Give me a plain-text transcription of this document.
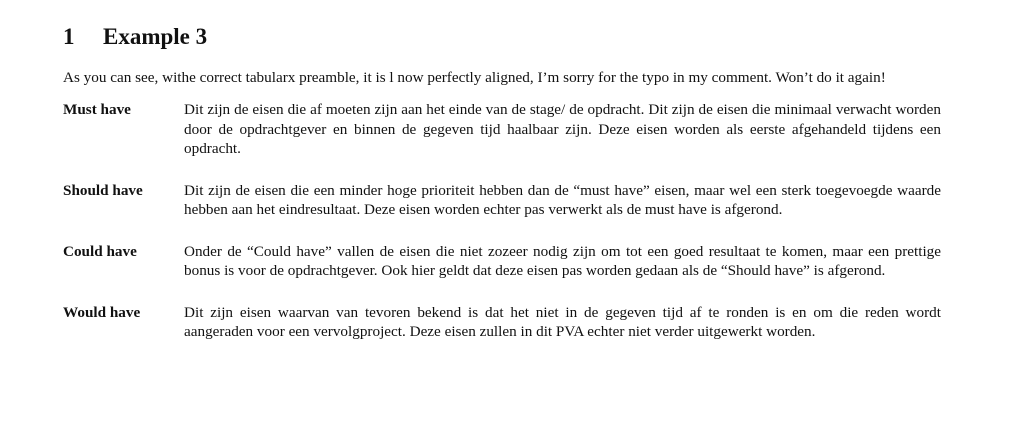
1 Example 3

As you can see, withe correct tabularx preamble, it is l now perfectly aligned, I’m sorry for the typo in my comment. Won’t do it again!

Must have	Dit zijn de eisen die af moeten zijn aan het einde van de stage/ de opdracht. Dit zijn de eisen die minimaal verwacht worden door de opdrachtgever en binnen de gegeven tijd haalbaar zijn. Deze eisen worden als eerste afgehandeld tijdens een opdracht.
Should have	Dit zijn de eisen die een minder hoge prioriteit hebben dan de “must have” eisen, maar wel een sterk toegevoegde waarde hebben aan het eindresultaat. Deze eisen worden echter pas verwerkt als de must have is afgerond.
Could have	Onder de “Could have” vallen de eisen die niet zozeer nodig zijn om tot een goed resultaat te komen, maar een prettige bonus is voor de opdrachtgever. Ook hier geldt dat deze eisen pas worden gedaan als de “Should have” is afgerond.
Would have	Dit zijn eisen waarvan van tevoren bekend is dat het niet in de gegeven tijd af te ronden is en om die reden wordt aangeraden voor een vervolgproject. Deze eisen zullen in dit PVA echter niet verder uitgewerkt worden.
